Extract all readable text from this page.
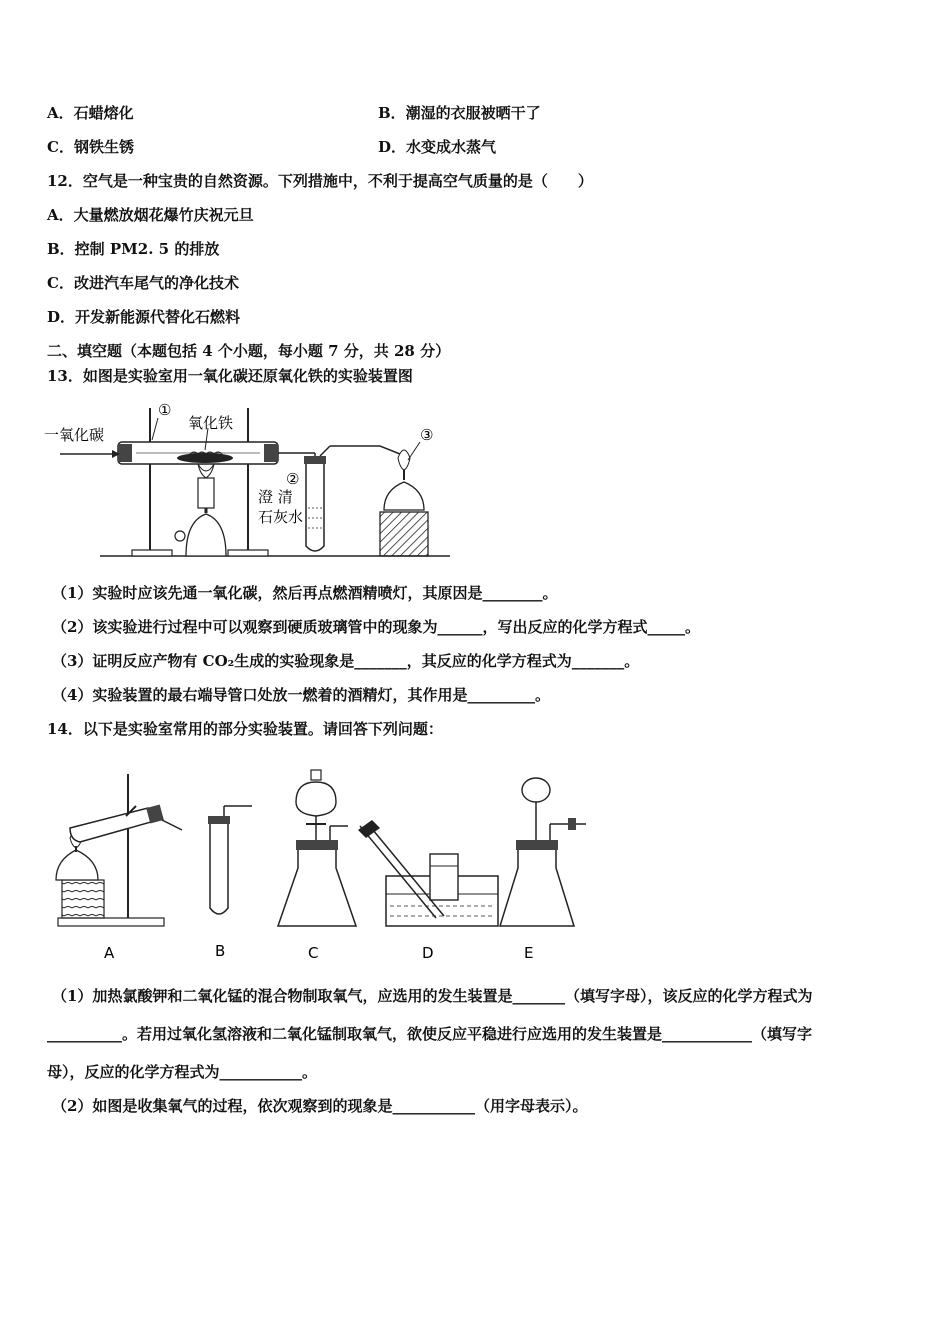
A．石蜡熔化	B．潮湿的衣服被晒干了
C．钢铁生锈	D．水变成水蒸气
12．空气是一种宝贵的自然资源。下列措施中，不利于提高空气质量的是（　　）
A．大量燃放烟花爆竹庆祝元旦
B．控制 PM2. 5 的排放
C．改进汽车尾气的净化技术
D．开发新能源代替化石燃料
二、填空题（本题包括 4 个小题，每小题 7 分，共 28 分）
13．如图是实验室用一氧化碳还原氧化铁的实验装置图
一氧化碳
氧化铁
①
②
③
澄 清
石灰水
（1）实验时应该先通一氧化碳，然后再点燃酒精喷灯，其原因是________。
（2）该实验进行过程中可以观察到硬质玻璃管中的现象为______，写出反应的化学方程式_____。
（3）证明反应产物有 CO₂生成的实验现象是_______，其反应的化学方程式为_______。
（4）实验装置的最右端导管口处放一燃着的酒精灯，其作用是_________。
14．以下是实验室常用的部分实验装置。请回答下列问题：
A	B	C	D	E
（1）加热氯酸钾和二氧化锰的混合物制取氧气，应选用的发生装置是_______（填写字母），该反应的化学方程式为
__________。若用过氧化氢溶液和二氧化锰制取氧气，欲使反应平稳进行应选用的发生装置是____________（填写字
母），反应的化学方程式为___________。
（2）如图是收集氧气的过程，依次观察到的现象是___________（用字母表示）。
